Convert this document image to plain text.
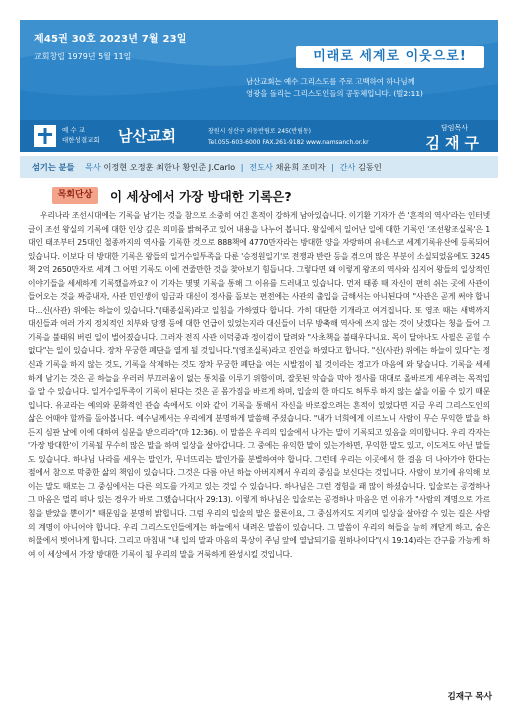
제45권 30호 2023년 7월 23일
교회창립 1979년 5월 11일	미래로 세계로 이웃으로!
남산교회는 예수 그리스도를 주로 고백하여 하나님께
영광을 돌리는 그리스도인들의 공동체입니다. (빌2:11)
예 수 교
대한성결교회 남산교회	창원시 성산구 외동반림로 245(반림동)
Tel.055-603-6000 FAX.261-9182 www.namsanch.or.kr
담임목사
김재구
섬기는 분들 목사 이정현 오정훈 최한나 황인준 J.Carlo | 전도사 채윤희 조미자 | 간사 김동인
목회단상	이 세상에서 가장 방대한 기록은?
우리나라 조선시대에는 기록을 남기는 것을 참으로 소중히 여긴 흔적이 강하게 남아있습니다. 이기환 기자가 쓴 '흔적의 역사'라는 인터넷 글이 조선 왕실의 기록에 대한 인상 깊은 의미를 밝혀주고 있어 내용을 나누어 봅니다. 왕실에서 일어난 일에 대한 기록인 '조선왕조실록'은 1대인 태조부터 25대인 철종까지의 역사를 기록한 것으로 888책에 4770만자라는 방대한 양을 자랑하며 유네스코 세계기록유산에 등록되어 있습니다. 이보다 더 방대한 기록은 왕들의 일거수일투족을 다룬 '승정원일기'로 전쟁과 반란 등을 겪으며 많은 부분이 소실되었음에도 3245책 2억 2650만자로 세계 그 어떤 기록도 이에 견줄만한 것을 찾아보기 힘듭니다. 그렇다면 왜 이렇게 왕조의 역사와 심지어 왕들의 일상적인 이야기들을 세세하게 기록했을까요? 이 기자는 몇몇 기록을 통해 그 이유를 드러내고 있습니다. 먼저 태종 때 자신이 편히 쉬는 곳에 사관이 들어오는 것을 짜증내자, 사관 민인생이 임금과 대신이 정사를 돌보는 편전에는 사관의 출입을 금해서는 아니된다며 "사관은 곧게 써야 합니다...신(사관) 위에는 하늘이 있습니다."(태종실록)라고 일침을 가하였다 합니다. 가히 대단한 기개라고 여겨집니다. 또 영조 때는 새벽까지 대신들과 여러 가지 정치적인 치부와 당쟁 등에 대한 언급이 있었는지라 대신들이 너무 방축해 역사에 쓰지 않는 것이 낫겠다는 청을 들어 그 기록을 불태워 버린 일이 벌어졌습니다. 그러자 전직 사관 이덕중과 정이검이 달려와 "사초책을 불태우다니요. 목이 달아나도 사필은 곧힐 수 없다"는 일이 있습니다. 장차 무궁한 폐단을 열게 될 것입니다."(영조실록)라고 진언을 하였다고 합니다. "신(사관) 위에는 하늘이 있다"는 정신과 기록을 하지 않는 것도, 기록을 삭제하는 것도 장차 무궁한 폐단을 여는 시발점이 될 것이라는 경고가 마음에 와 닿습니다. 기록을 세세하게 남기는 것은 곧 하늘을 우러러 부끄러움이 없는 통치를 이루기 위함이며, 잘못된 악습을 막아 정사를 대대로 올바르게 세우려는 목적입을 알 수 있습니다. 일거수일투족이 기록이 된다는 것은 곧 몸가짐을 바르게 하며, 입술의 한 마디도 허투루 하지 않는 삶을 이룰 수 있기 때문입니다. 유교라는 예의와 문화적인 관습 속에서도 이와 같이 기록을 통해서 자신을 바로잡으려는 흔적이 있었다면 지금 우리 그리스도인의 삶은 어때야 할까를 돌아봅니다. 예수님께서는 우리에게 분명하게 말씀해 주셨습니다. "내가 너희에게 이르노니 사람이 무슨 무익한 말을 하든지 심판 날에 이에 대하여 심문을 받으리라"(마 12:36). 이 말씀은 우리의 입술에서 나가는 말이 기록되고 있음을 의미합니다. 우리 각자는 '가장 방대한'이 기록될 무수히 많은 말을 하며 일상을 살아갑니다. 그 중에는 유익한 말이 있는가하면, 무익한 말도 있고, 이도저도 아닌 말들도 있습니다. 하나님 나라를 세우는 말인가, 무너뜨리는 말인가를 분별하여야 합니다. 그런데 우리는 이곳에서 한 걸음 더 나아가야 한다는 점에서 참으로 막중한 삶의 책임이 있습니다. 그것은 다름 아닌 하늘 아버지께서 우리의 중심을 보신다는 것입니다. 사람이 보기에 유익해 보이는 말도 때로는 그 중심에서는 다른 의도를 가지고 있는 것일 수 있습니다. 하나님은 그런 경험을 패 많이 하셨습니다. 입술로는 공경하나 그 마음은 멀리 떠나 있는 경우가 바로 그랬습니다(사 29:13). 이렇게 하나님은 입술로는 공경하나 마음은 먼 이유가 "사람의 계명으로 가르침을 받았을 뿐이기" 때문임을 분명히 밝힙니다. 그럼 우리의 입술의 말은 물론이요, 그 중심까지도 지키며 일상을 살아갈 수 있는 길은 사람의 계명이 아니어야 합니다. 우리 그리스도인들에게는 하늘에서 내려온 말씀이 있습니다. 그 말씀이 우리의 혀들을 능히 깨닫게 하고, 숨은 허물에서 벗어나게 합니다. 그리고 마침내 "내 입의 말과 마음의 묵상이 주님 앞에 열납되기를 원하나이다"(시 19:14)라는 간구를 가능케 하여 이 세상에서 가장 방대한 기록이 될 우리의 말을 거룩하게 완성시킬 것입니다.
김재구 목사
